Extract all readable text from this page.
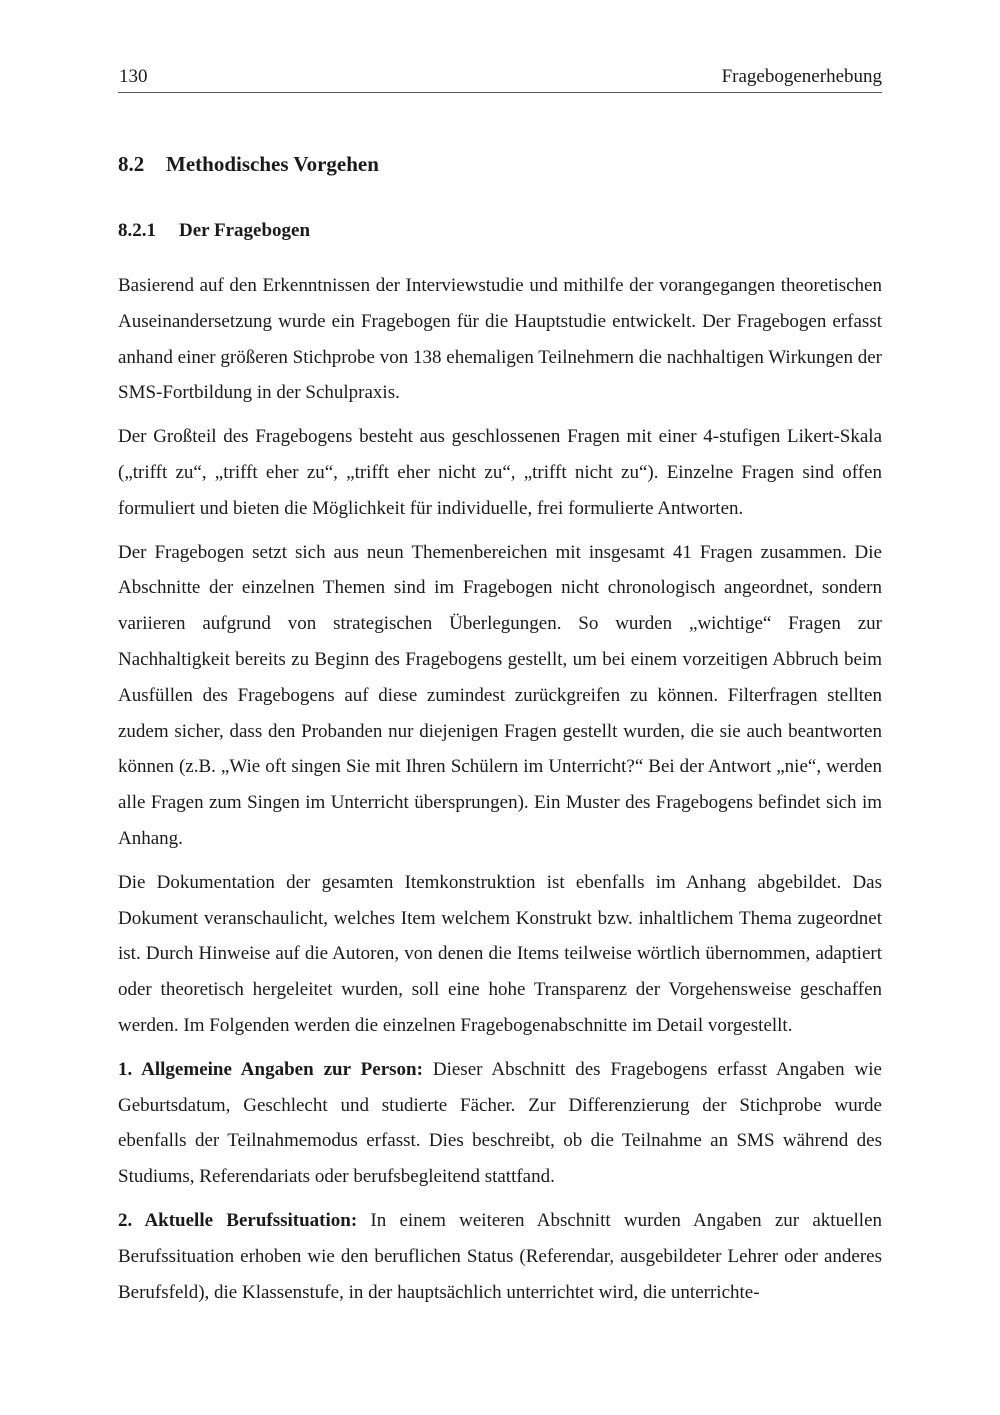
130	Fragebogenerhebung
8.2 Methodisches Vorgehen
8.2.1 Der Fragebogen

Basierend auf den Erkenntnissen der Interviewstudie und mithilfe der vorangegangen theoretischen Auseinandersetzung wurde ein Fragebogen für die Hauptstudie entwickelt. Der Fragebogen erfasst anhand einer größeren Stichprobe von 138 ehemaligen Teilnehmern die nachhaltigen Wirkungen der SMS-Fortbildung in der Schulpraxis.

Der Großteil des Fragebogens besteht aus geschlossenen Fragen mit einer 4-stufigen Likert-Skala („trifft zu“, „trifft eher zu“, „trifft eher nicht zu“, „trifft nicht zu“). Einzelne Fragen sind offen formuliert und bieten die Möglichkeit für individuelle, frei formulierte Antworten.

Der Fragebogen setzt sich aus neun Themenbereichen mit insgesamt 41 Fragen zusammen. Die Abschnitte der einzelnen Themen sind im Fragebogen nicht chronologisch angeordnet, sondern variieren aufgrund von strategischen Überlegungen. So wurden „wichtige“ Fragen zur Nachhaltigkeit bereits zu Beginn des Fragebogens gestellt, um bei einem vorzeitigen Abbruch beim Ausfüllen des Fragebogens auf diese zumindest zurückgreifen zu können. Filterfragen stellten zudem sicher, dass den Probanden nur diejenigen Fragen gestellt wurden, die sie auch beantworten können (z.B. „Wie oft singen Sie mit Ihren Schülern im Unterricht?“ Bei der Antwort „nie“, werden alle Fragen zum Singen im Unterricht übersprungen). Ein Muster des Fragebogens befindet sich im Anhang.

Die Dokumentation der gesamten Itemkonstruktion ist ebenfalls im Anhang abgebildet. Das Dokument veranschaulicht, welches Item welchem Konstrukt bzw. inhaltlichem Thema zugeordnet ist. Durch Hinweise auf die Autoren, von denen die Items teilweise wörtlich übernommen, adaptiert oder theoretisch hergeleitet wurden, soll eine hohe Transparenz der Vorgehensweise geschaffen werden. Im Folgenden werden die einzelnen Fragebogenabschnitte im Detail vorgestellt.

1. Allgemeine Angaben zur Person: Dieser Abschnitt des Fragebogens erfasst Angaben wie Geburtsdatum, Geschlecht und studierte Fächer. Zur Differenzierung der Stichprobe wurde ebenfalls der Teilnahmemodus erfasst. Dies beschreibt, ob die Teilnahme an SMS während des Studiums, Referendariats oder berufsbegleitend stattfand.

2. Aktuelle Berufssituation: In einem weiteren Abschnitt wurden Angaben zur aktuellen Berufssituation erhoben wie den beruflichen Status (Referendar, ausgebildeter Lehrer oder anderes Berufsfeld), die Klassenstufe, in der hauptsächlich unterrichtet wird, die unterrichte-
